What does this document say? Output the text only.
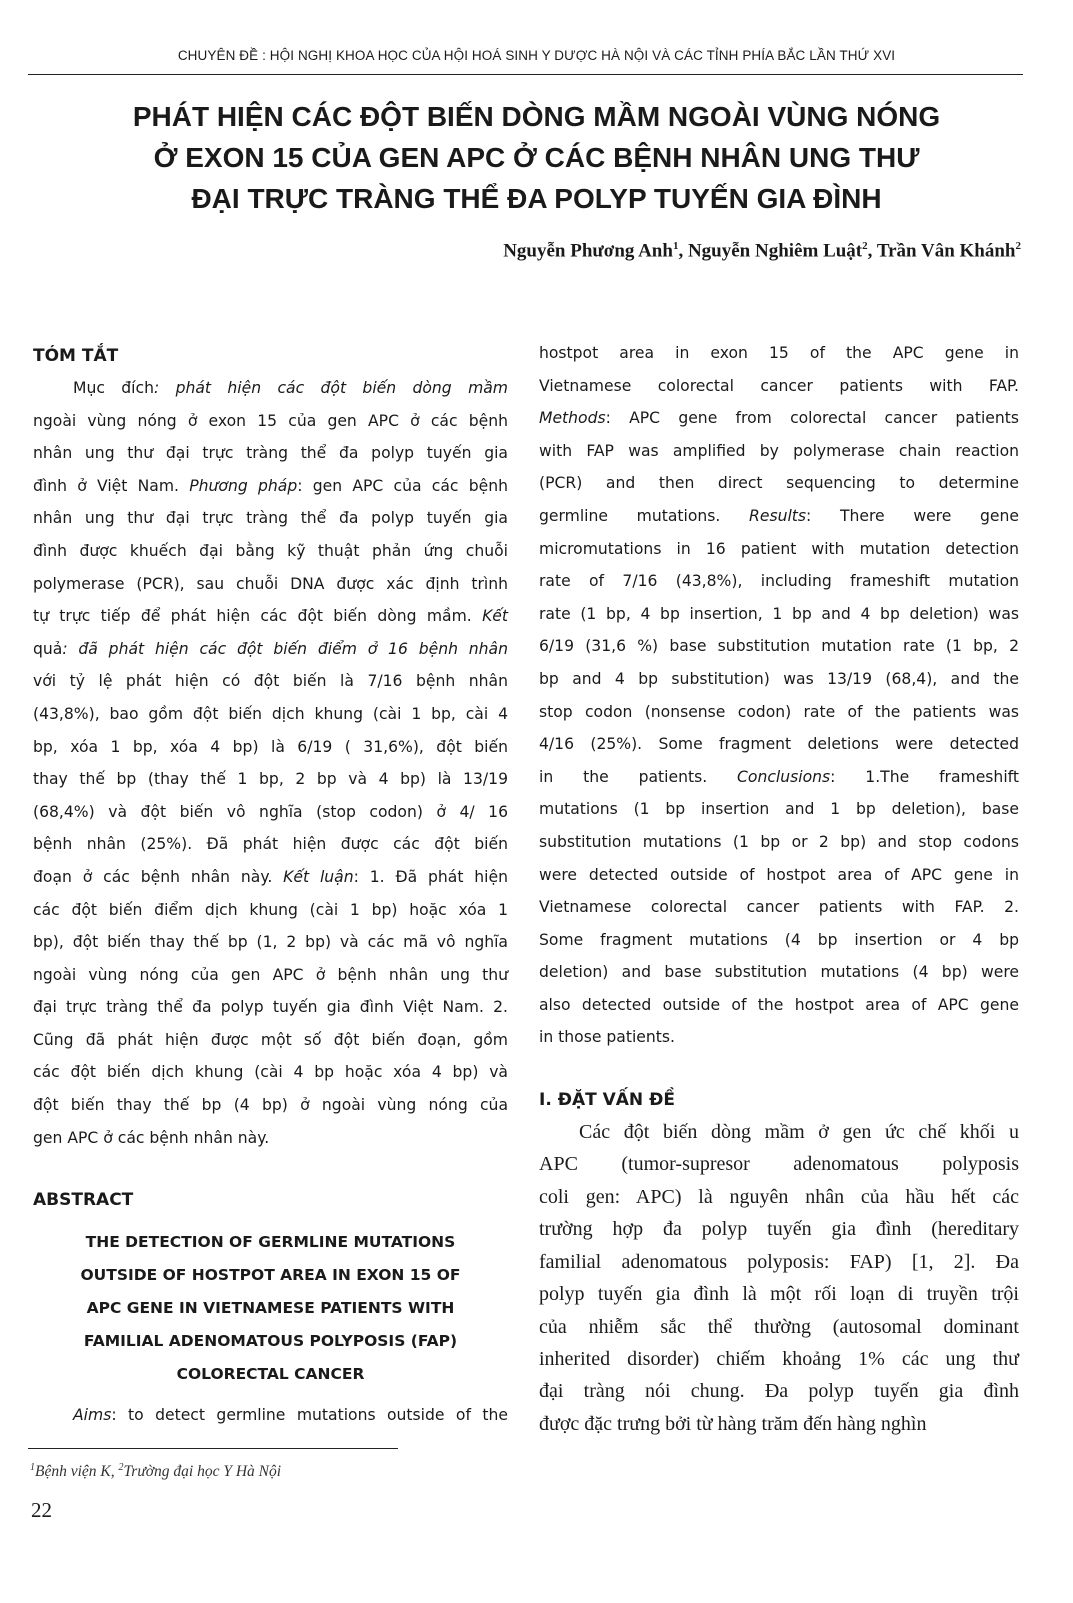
CHUYÊN ĐỀ : HỘI NGHỊ KHOA HỌC CỦA HỘI HOÁ SINH Y DƯỢC HÀ NỘI VÀ CÁC TỈNH PHÍA BẮC LẦN THỨ XVI
PHÁT HIỆN CÁC ĐỘT BIẾN DÒNG MẦM NGOÀI VÙNG NÓNG
Ở EXON 15 CỦA GEN APC Ở CÁC BỆNH NHÂN UNG THƯ
ĐẠI TRỰC TRÀNG THỂ ĐA POLYP TUYẾN GIA ĐÌNH
Nguyễn Phương Anh$^1$, Nguyễn Nghiêm Luật$^2$, Trần Vân Khánh$^2$
TÓM TẮT

Mục đích: phát hiện các đột biến dòng mầm

ngoài vùng nóng ở exon 15 của gen APC ở các bệnh

nhân ung thư đại trực tràng thể đa polyp tuyến gia

đình ở Việt Nam. Phương pháp: gen APC của các bệnh

nhân ung thư đại trực tràng thể đa polyp tuyến gia

đình được khuếch đại bằng kỹ thuật phản ứng chuỗi

polymerase (PCR), sau chuỗi DNA được xác định trình

tự trực tiếp để phát hiện các đột biến dòng mầm. Kết

quả: đã phát hiện các đột biến điểm ở 16 bệnh nhân

với tỷ lệ phát hiện có đột biến là 7/16 bệnh nhân

(43,8%), bao gồm đột biến dịch khung (cài 1 bp, cài 4

bp, xóa 1 bp, xóa 4 bp) là 6/19 ( 31,6%), đột biến

thay thế bp (thay thế 1 bp, 2 bp và 4 bp) là 13/19

(68,4%) và đột biến vô nghĩa (stop codon) ở 4/ 16

bệnh nhân (25%). Đã phát hiện được các đột biến

đoạn ở các bệnh nhân này. Kết luận: 1. Đã phát hiện

các đột biến điểm dịch khung (cài 1 bp) hoặc xóa 1

bp), đột biến thay thế bp (1, 2 bp) và các mã vô nghĩa

ngoài vùng nóng của gen APC ở bệnh nhân ung thư

đại trực tràng thể đa polyp tuyến gia đình Việt Nam. 2.

Cũng đã phát hiện được một số đột biến đoạn, gồm

các đột biến dịch khung (cài 4 bp hoặc xóa 4 bp) và

đột biến thay thế bp (4 bp) ở ngoài vùng nóng của

gen APC ở các bệnh nhân này.

ABSTRACT
THE DETECTION OF GERMLINE MUTATIONS
OUTSIDE OF HOSTPOT AREA IN EXON 15 OF
APC GENE IN VIETNAMESE PATIENTS WITH
FAMILIAL ADENOMATOUS POLYPOSIS (FAP)
COLORECTAL CANCER

Aims: to detect germline mutations outside of the

hostpot area in exon 15 of the APC gene in

Vietnamese colorectal cancer patients with FAP.

Methods: APC gene from colorectal cancer patients

with FAP was amplified by polymerase chain reaction

(PCR) and then direct sequencing to determine

germline mutations. Results: There were gene

micromutations in 16 patient with mutation detection

rate of 7/16 (43,8%), including frameshift mutation

rate (1 bp, 4 bp insertion, 1 bp and 4 bp deletion) was

6/19 (31,6 %) base substitution mutation rate (1 bp, 2

bp and 4 bp substitution) was 13/19 (68,4), and the

stop codon (nonsense codon) rate of the patients was

4/16 (25%). Some fragment deletions were detected

in the patients. Conclusions: 1.The frameshift

mutations (1 bp insertion and 1 bp deletion), base

substitution mutations (1 bp or 2 bp) and stop codons

were detected outside of hostpot area of APC gene in

Vietnamese colorectal cancer patients with FAP. 2.

Some fragment mutations (4 bp insertion or 4 bp

deletion) and base substitution mutations (4 bp) were

also detected outside of the hostpot area of APC gene

in those patients.

I. ĐẶT VẤN ĐỀ

Các đột biến dòng mầm ở gen ức chế khối u

APC (tumor-supresor adenomatous polyposis

coli gen: APC) là nguyên nhân của hầu hết các

trường hợp đa polyp tuyến gia đình (hereditary

familial adenomatous polyposis: FAP) [1, 2]. Đa

polyp tuyến gia đình là một rối loạn di truyền trội

của nhiễm sắc thể thường (autosomal dominant

inherited disorder) chiếm khoảng 1% các ung thư

đại tràng nói chung. Đa polyp tuyến gia đình

được đặc trưng bởi từ hàng trăm đến hàng nghìn

$^1$Bệnh viện K, $^2$Trường đại học Y Hà Nội
22
